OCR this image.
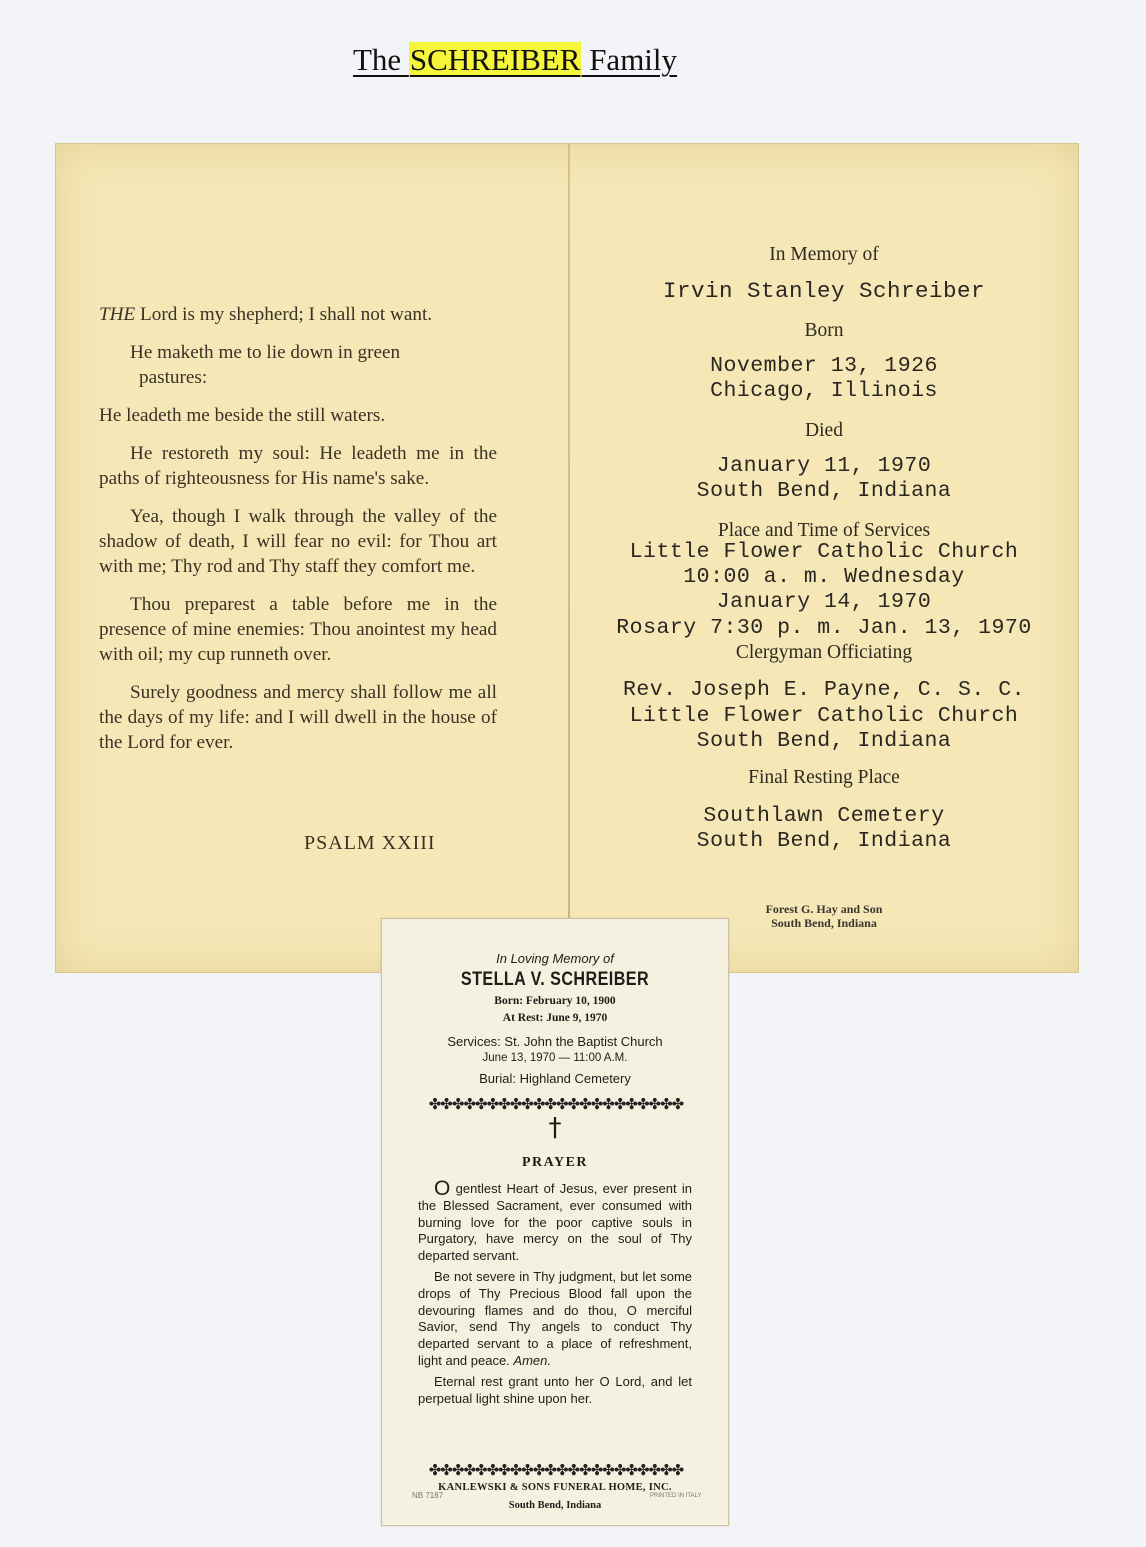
The SCHREIBER Family

THE Lord is my shepherd; I shall not want.

He maketh me to lie down in green

pastures:

He leadeth me beside the still waters.

He restoreth my soul: He leadeth me in the paths of righteousness for His name's sake.

Yea, though I walk through the valley of the shadow of death, I will fear no evil: for Thou art with me; Thy rod and Thy staff they comfort me.

Thou preparest a table before me in the presence of mine enemies: Thou anointest my head with oil; my cup runneth over.

Surely goodness and mercy shall follow me all the days of my life: and I will dwell in the house of the Lord for ever.

PSALM XXIII
In Memory of
Irvin Stanley Schreiber
Born
November 13, 1926
Chicago, Illinois
Died
January 11, 1970
South Bend, Indiana
Place and Time of Services
Little Flower Catholic Church
10:00 a. m. Wednesday
January 14, 1970
Rosary 7:30 p. m. Jan. 13, 1970
Clergyman Officiating
Rev. Joseph E. Payne, C. S. C.
Little Flower Catholic Church
South Bend, Indiana
Final Resting Place
Southlawn Cemetery
South Bend, Indiana
Forest G. Hay and Son
South Bend, Indiana
In Loving Memory of
STELLA V. SCHREIBER
Born: February 10, 1900
At Rest: June 9, 1970
Services: St. John the Baptist Church
June 13, 1970 — 11:00 A.M.
Burial: Highland Cemetery
✤✤✤✤✤✤✤✤✤✤✤✤✤✤✤✤✤✤✤✤✤✤
†
PRAYER

O gentlest Heart of Jesus, ever present in the Blessed Sacrament, ever consumed with burning love for the poor captive souls in Purgatory, have mercy on the soul of Thy departed servant.

Be not severe in Thy judgment, but let some drops of Thy Precious Blood fall upon the devouring flames and do thou, O merciful Savior, send Thy angels to conduct Thy departed servant to a place of refreshment, light and peace. Amen.

Eternal rest grant unto her O Lord, and let perpetual light shine upon her.

✤✤✤✤✤✤✤✤✤✤✤✤✤✤✤✤✤✤✤✤✤✤
NB 7187
KANLEWSKI & SONS FUNERAL HOME, INC.
PRINTED IN ITALY
South Bend, Indiana
